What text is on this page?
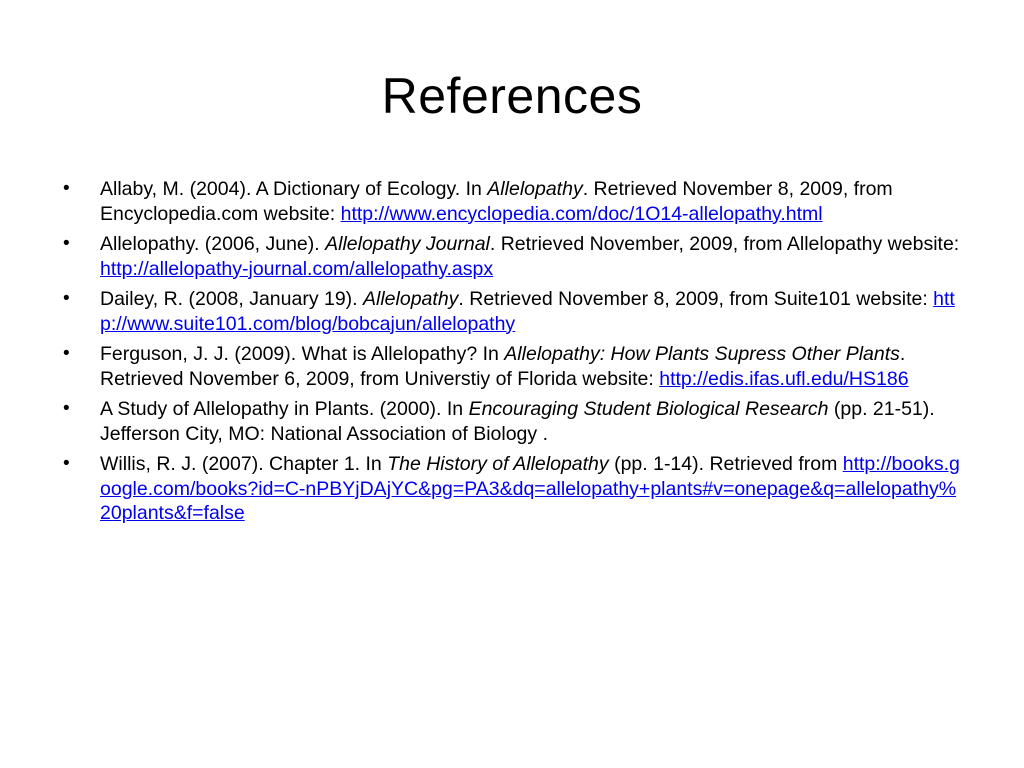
References
• Allaby, M. (2004). A Dictionary of Ecology. In Allelopathy. Retrieved November 8, 2009, from Encyclopedia.com website: http://www.encyclopedia.com/doc/1O14-allelopathy.html
• Allelopathy. (2006, June). Allelopathy Journal. Retrieved November, 2009, from Allelopathy website: http://allelopathy-journal.com/allelopathy.aspx
• Dailey, R. (2008, January 19). Allelopathy. Retrieved November 8, 2009, from Suite101 website: http://www.suite101.com/blog/bobcajun/allelopathy
• Ferguson, J. J. (2009). What is Allelopathy? In Allelopathy: How Plants Supress Other Plants. Retrieved November 6, 2009, from Universtiy of Florida website: http://edis.ifas.ufl.edu/HS186
• A Study of Allelopathy in Plants. (2000). In Encouraging Student Biological Research (pp. 21-51). Jefferson City, MO: National Association of Biology .
• Willis, R. J. (2007). Chapter 1. In The History of Allelopathy (pp. 1-14). Retrieved from http://books.google.com/books?id=C-nPBYjDAjYC&pg=PA3&dq=allelopathy+plants#v=onepage&q=allelopathy%20plants&f=false
